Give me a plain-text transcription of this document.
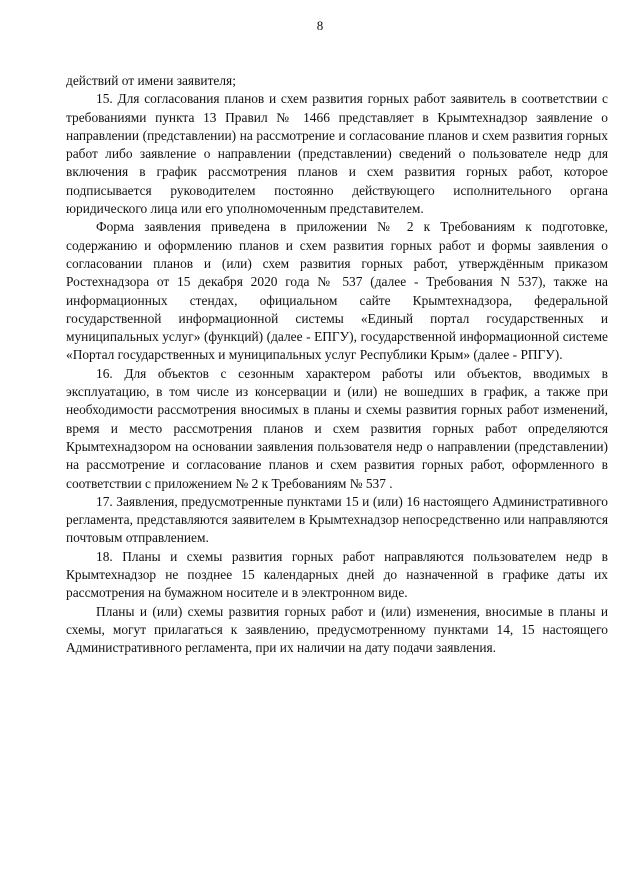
8

действий от имени заявителя;

15. Для согласования планов и схем развития горных работ заявитель в соответствии с требованиями пункта 13 Правил № 1466 представляет в Крымтехнадзор заявление о направлении (представлении) на рассмотрение и согласование планов и схем развития горных работ либо заявление о направлении (представлении) сведений о пользователе недр для включения в график рассмотрения планов и схем развития горных работ, которое подписывается руководителем постоянно действующего исполнительного органа юридического лица или его уполномоченным представителем.

Форма заявления приведена в приложении № 2 к Требованиям к подготовке, содержанию и оформлению планов и схем развития горных работ и формы заявления о согласовании планов и (или) схем развития горных работ, утверждённым приказом Ростехнадзора от 15 декабря 2020 года № 537 (далее - Требования N 537), также на информационных стендах, официальном сайте Крымтехнадзора, федеральной государственной информационной системы «Единый портал государственных и муниципальных услуг» (функций) (далее - ЕПГУ), государственной информационной системе «Портал государственных и муниципальных услуг Республики Крым» (далее - РПГУ).

16. Для объектов с сезонным характером работы или объектов, вводимых в эксплуатацию, в том числе из консервации и (или) не вошедших в график, а также при необходимости рассмотрения вносимых в планы и схемы развития горных работ изменений, время и место рассмотрения планов и схем развития горных работ определяются Крымтехнадзором на основании заявления пользователя недр о направлении (представлении) на рассмотрение и согласование планов и схем развития горных работ, оформленного в соответствии с приложением № 2 к Требованиям № 537 .

17. Заявления, предусмотренные пунктами 15 и (или) 16 настоящего Административного регламента, представляются заявителем в Крымтехнадзор непосредственно или направляются почтовым отправлением.

18. Планы и схемы развития горных работ направляются пользователем недр в Крымтехнадзор не позднее 15 календарных дней до назначенной в графике даты их рассмотрения на бумажном носителе и в электронном виде.

Планы и (или) схемы развития горных работ и (или) изменения, вносимые в планы и схемы, могут прилагаться к заявлению, предусмотренному пунктами 14, 15 настоящего Административного регламента, при их наличии на дату подачи заявления.
